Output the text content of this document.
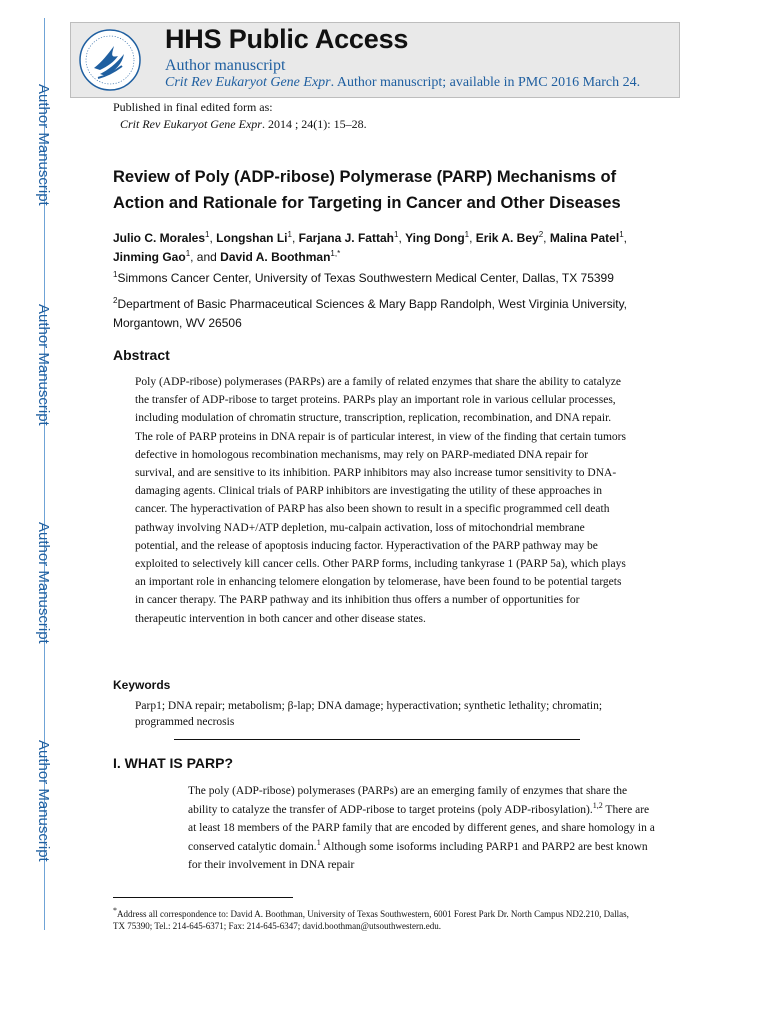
Author Manuscript
Author Manuscript
Author Manuscript
Author Manuscript
HHS Public Access
Author manuscript
Crit Rev Eukaryot Gene Expr. Author manuscript; available in PMC 2016 March 24.
Published in final edited form as:
Crit Rev Eukaryot Gene Expr. 2014 ; 24(1): 15–28.
Review of Poly (ADP-ribose) Polymerase (PARP) Mechanisms of
Action and Rationale for Targeting in Cancer and Other Diseases
Julio C. Morales$^1$, Longshan Li$^1$, Farjana J. Fattah$^1$, Ying Dong$^1$, Erik A. Bey$^2$, Malina Patel$^1$, Jinming Gao$^1$, and David A. Boothman$^{1,*}$
$^1$Simmons Cancer Center, University of Texas Southwestern Medical Center, Dallas, TX 75399
$^2$Department of Basic Pharmaceutical Sciences & Mary Bapp Randolph, West Virginia University, Morgantown, WV 26506
Abstract

Poly (ADP-ribose) polymerases (PARPs) are a family of related enzymes that share the ability to catalyze the transfer of ADP-ribose to target proteins. PARPs play an important role in various cellular processes, including modulation of chromatin structure, transcription, replication, recombination, and DNA repair. The role of PARP proteins in DNA repair is of particular interest, in view of the finding that certain tumors defective in homologous recombination mechanisms, may rely on PARP-mediated DNA repair for survival, and are sensitive to its inhibition. PARP inhibitors may also increase tumor sensitivity to DNA-damaging agents. Clinical trials of PARP inhibitors are investigating the utility of these approaches in cancer. The hyperactivation of PARP has also been shown to result in a specific programmed cell death pathway involving NAD+/ATP depletion, mu-calpain activation, loss of mitochondrial membrane potential, and the release of apoptosis inducing factor. Hyperactivation of the PARP pathway may be exploited to selectively kill cancer cells. Other PARP forms, including tankyrase 1 (PARP 5a), which plays an important role in enhancing telomere elongation by telomerase, have been found to be potential targets in cancer therapy. The PARP pathway and its inhibition thus offers a number of opportunities for therapeutic intervention in both cancer and other disease states.

Keywords

Parp1; DNA repair; metabolism; β-lap; DNA damage; hyperactivation; synthetic lethality; chromatin; programmed necrosis

I. WHAT IS PARP?

The poly (ADP-ribose) polymerases (PARPs) are an emerging family of enzymes that share the ability to catalyze the transfer of ADP-ribose to target proteins (poly ADP-ribosylation).$^{1,2}$ There are at least 18 members of the PARP family that are encoded by different genes, and share homology in a conserved catalytic domain.$^1$ Although some isoforms including PARP1 and PARP2 are best known for their involvement in DNA repair

*Address all correspondence to: David A. Boothman, University of Texas Southwestern, 6001 Forest Park Dr. North Campus ND2.210, Dallas, TX 75390; Tel.: 214-645-6371; Fax: 214-645-6347; david.boothman@utsouthwestern.edu.
